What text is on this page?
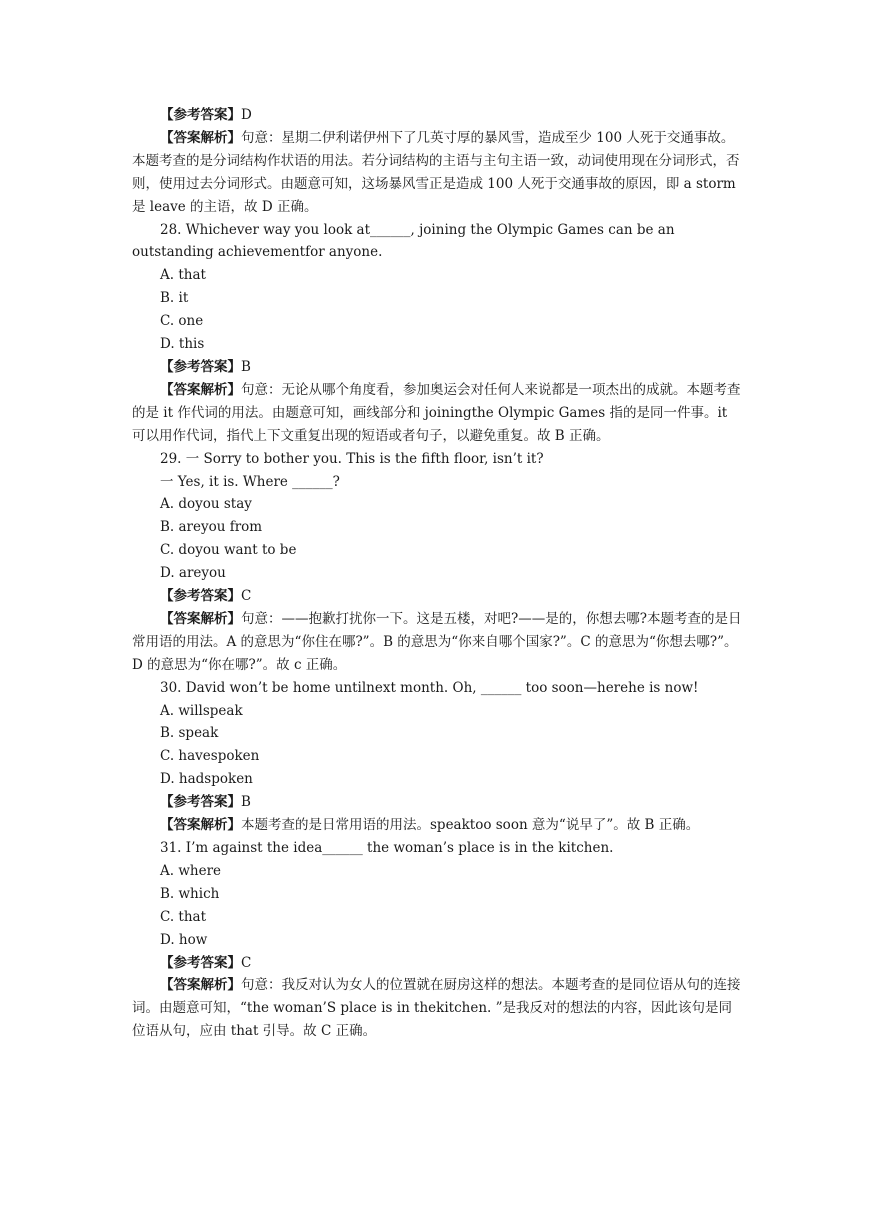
【参考答案】D

【答案解析】句意：星期二伊利诺伊州下了几英寸厚的暴风雪，造成至少 100 人死于交通事故。本题考查的是分词结构作状语的用法。若分词结构的主语与主句主语一致，动词使用现在分词形式，否则，使用过去分词形式。由题意可知，这场暴风雪正是造成 100 人死于交通事故的原因，即 a storm 是 leave 的主语，故 D 正确。

28. Whichever way you look at______, joining the Olympic Games can be an outstanding achievementfor anyone.

A. that

B. it

C. one

D. this

【参考答案】B

【答案解析】句意：无论从哪个角度看，参加奥运会对任何人来说都是一项杰出的成就。本题考查的是 it 作代词的用法。由题意可知，画线部分和 joiningthe Olympic Games 指的是同一件事。it 可以用作代词，指代上下文重复出现的短语或者句子，以避免重复。故 B 正确。

29. 一 Sorry to bother you. This is the fifth floor, isn’t it?

一 Yes, it is. Where ______?

A. doyou stay

B. areyou from

C. doyou want to be

D. areyou

【参考答案】C

【答案解析】句意：——抱歉打扰你一下。这是五楼，对吧?——是的，你想去哪?本题考查的是日常用语的用法。A 的意思为“你住在哪?”。B 的意思为“你来自哪个国家?”。C 的意思为“你想去哪?”。D 的意思为“你在哪?”。故 c 正确。

30. David won’t be home untilnext month. Oh, ______ too soon—herehe is now!

A. willspeak

B. speak

C. havespoken

D. hadspoken

【参考答案】B

【答案解析】本题考查的是日常用语的用法。speaktoo soon 意为“说早了”。故 B 正确。

31. I’m against the idea______ the woman’s place is in the kitchen.

A. where

B. which

C. that

D. how

【参考答案】C

【答案解析】句意：我反对认为女人的位置就在厨房这样的想法。本题考查的是同位语从句的连接词。由题意可知，“the woman’S place is in thekitchen. ”是我反对的想法的内容，因此该句是同位语从句，应由 that 引导。故 C 正确。
